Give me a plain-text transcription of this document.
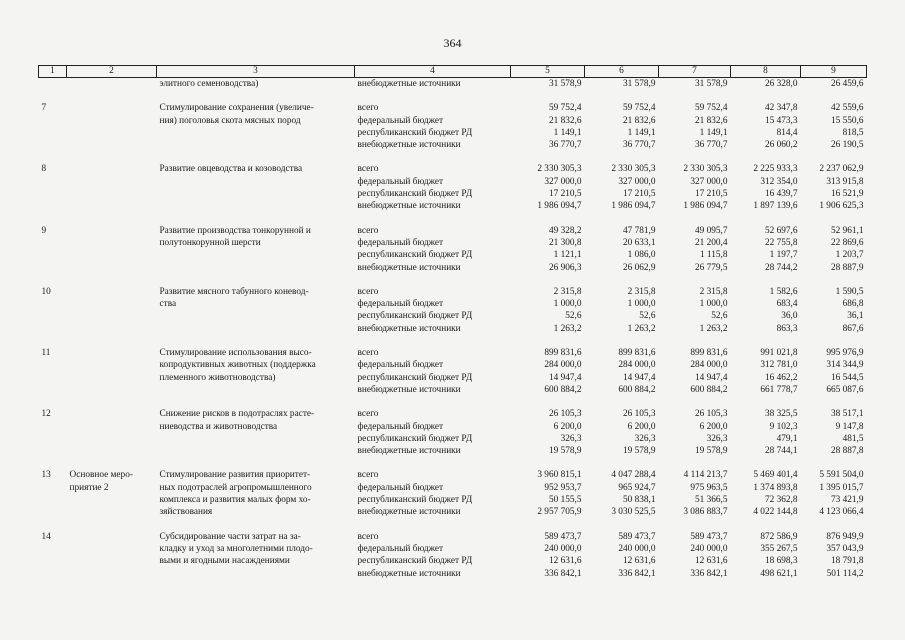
364
1	2	3	4	5	6	7	8	9
		элитного семеноводства)	внебюджетные источники	31 578,9	31 578,9	31 578,9	26 328,0	26 459,6

7		Стимулирование сохранения (увеличе-	всего	59 752,4	59 752,4	59 752,4	42 347,8	42 559,6
		ния) поголовья скота мясных пород	федеральный бюджет	21 832,6	21 832,6	21 832,6	15 473,3	15 550,6
			республиканский бюджет РД	1 149,1	1 149,1	1 149,1	814,4	818,5
			внебюджетные источники	36 770,7	36 770,7	36 770,7	26 060,2	26 190,5

8		Развитие овцеводства и козоводства	всего	2 330 305,3	2 330 305,3	2 330 305,3	2 225 933,3	2 237 062,9
			федеральный бюджет	327 000,0	327 000,0	327 000,0	312 354,0	313 915,8
			республиканский бюджет РД	17 210,5	17 210,5	17 210,5	16 439,7	16 521,9
			внебюджетные источники	1 986 094,7	1 986 094,7	1 986 094,7	1 897 139,6	1 906 625,3

9		Развитие производства тонкорунной и	всего	49 328,2	47 781,9	49 095,7	52 697,6	52 961,1
		полутонкорунной шерсти	федеральный бюджет	21 300,8	20 633,1	21 200,4	22 755,8	22 869,6
			республиканский бюджет РД	1 121,1	1 086,0	1 115,8	1 197,7	1 203,7
			внебюджетные источники	26 906,3	26 062,9	26 779,5	28 744,2	28 887,9

10		Развитие мясного табунного коневод-	всего	2 315,8	2 315,8	2 315,8	1 582,6	1 590,5
		ства	федеральный бюджет	1 000,0	1 000,0	1 000,0	683,4	686,8
			республиканский бюджет РД	52,6	52,6	52,6	36,0	36,1
			внебюджетные источники	1 263,2	1 263,2	1 263,2	863,3	867,6

11		Стимулирование использования высо-	всего	899 831,6	899 831,6	899 831,6	991 021,8	995 976,9
		копродуктивных животных (поддержка	федеральный бюджет	284 000,0	284 000,0	284 000,0	312 781,0	314 344,9
		племенного животноводства)	республиканский бюджет РД	14 947,4	14 947,4	14 947,4	16 462,2	16 544,5
			внебюджетные источники	600 884,2	600 884,2	600 884,2	661 778,7	665 087,6

12		Снижение рисков в подотраслях расте-	всего	26 105,3	26 105,3	26 105,3	38 325,5	38 517,1
		ниеводства и животноводства	федеральный бюджет	6 200,0	6 200,0	6 200,0	9 102,3	9 147,8
			республиканский бюджет РД	326,3	326,3	326,3	479,1	481,5
			внебюджетные источники	19 578,9	19 578,9	19 578,9	28 744,1	28 887,8

13	Основное меро-	Стимулирование развития приоритет-	всего	3 960 815,1	4 047 288,4	4 114 213,7	5 469 401,4	5 591 504,0
	приятие 2	ных подотраслей агропромышленного	федеральный бюджет	952 953,7	965 924,7	975 963,5	1 374 893,8	1 395 015,7
		комплекса и развития малых форм хо-	республиканский бюджет РД	50 155,5	50 838,1	51 366,5	72 362,8	73 421,9
		зяйствования	внебюджетные источники	2 957 705,9	3 030 525,5	3 086 883,7	4 022 144,8	4 123 066,4

14		Субсидирование части затрат на за-	всего	589 473,7	589 473,7	589 473,7	872 586,9	876 949,9
		кладку и уход за многолетними плодо-	федеральный бюджет	240 000,0	240 000,0	240 000,0	355 267,5	357 043,9
		выми и ягодными насаждениями	республиканский бюджет РД	12 631,6	12 631,6	12 631,6	18 698,3	18 791,8
			внебюджетные источники	336 842,1	336 842,1	336 842,1	498 621,1	501 114,2
